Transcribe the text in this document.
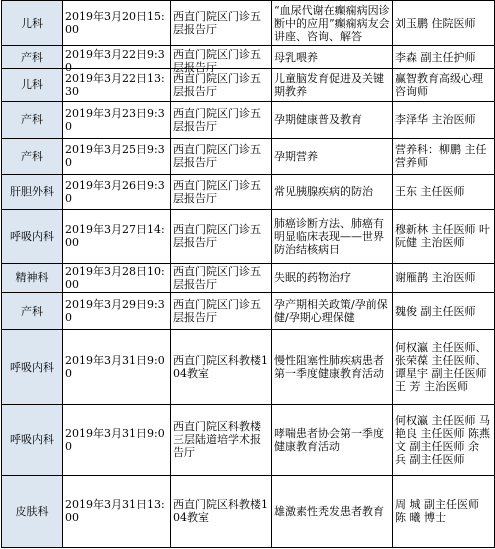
儿科	2019年3月20日15:00	西直门院区门诊五层报告厅	“血尿代谢在癫痫病因诊断中的应用”癫痫病友会讲座、咨询、解答	刘玉鹏 住院医师

产科	2019年3月22日9:30	西直门院区门诊五层报告厅	母乳喂养	李森 副主任护师

儿科	2019年3月22日13:30	西直门院区门诊五层报告厅	儿童脑发育促进及关键期教养	赢智教育高级心理咨询师

产科	2019年3月23日9:30	西直门院区门诊五层报告厅	孕期健康普及教育	李泽华 主治医师

产科	2019年3月25日9:30	西直门院区门诊五层报告厅	孕期营养	营养科：柳鹏 主任营养师

肝胆外科	2019年3月26日9:30	西直门院区门诊五层报告厅	常见胰腺疾病的防治	王东 主任医师

呼吸内科	2019年3月27日14:00	西直门院区门诊五层报告厅	肺癌诊断方法、肺癌有明显临床表现——世界防治结核病日	穆新林 主任医师 叶阮健 主治医师

精神科	2019年3月28日10:00	西直门院区门诊五层报告厅	失眠的药物治疗	谢雁鹊 主治医师

产科	2019年3月29日9:30	西直门院区门诊五层报告厅	孕产期相关政策/孕前保健/孕期心理保健	魏俊 副主任医师

呼吸内科	2019年3月31日9:00	西直门院区科教楼104教室	慢性阻塞性肺疾病患者第一季度健康教育活动	何权瀛 主任医师、张荣葆 主任医师、谭星宇 副主任医师王 芳 主治医师

呼吸内科	2019年3月31日9:00	西直门院区科教楼三层陆道培学术报告厅	哮喘患者协会第一季度健康教育活动	何权瀛 主任医师 马艳良 主任医师 陈燕文 副主任医师 余 兵 副主任医师

皮肤科	2019年3月31日13:00	西直门院区科教楼104教室	雄激素性秃发患者教育	周 城 副主任医师 陈 曦 博士
